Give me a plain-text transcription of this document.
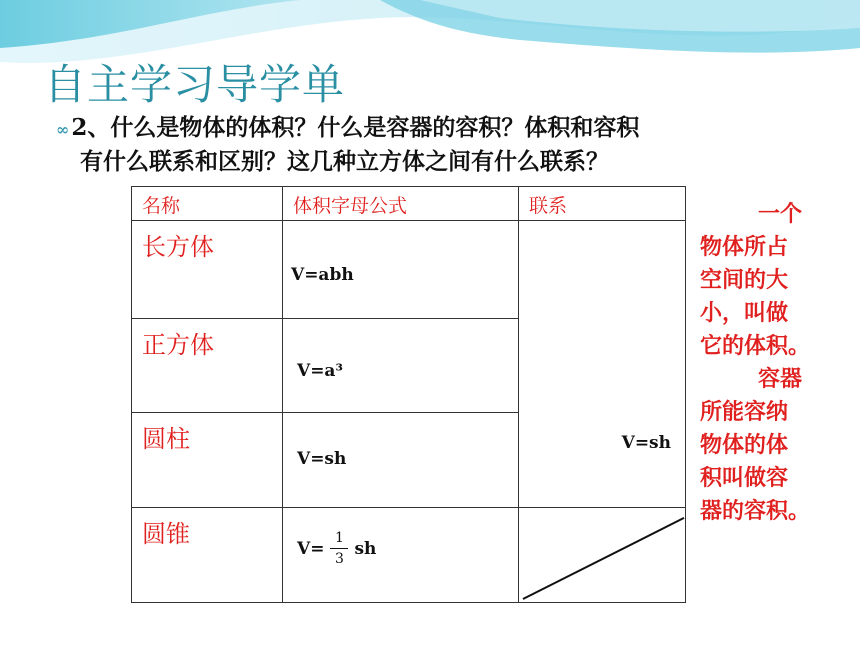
自主学习导学单
∞2、什么是物体的体积？什么是容器的容积？体积和容积
有什么联系和区别？这几种立方体之间有什么联系？
名称	体积字母公式	联系
长方体	V=abh	V=sh

正方体	V=a³	

圆柱	V=sh	

圆锥	$V= \frac{1}{3}$ sh

一个
物体所占
空间的大
小，叫做
它的体积。
容器
所能容纳
物体的体
积叫做容
器的容积。
